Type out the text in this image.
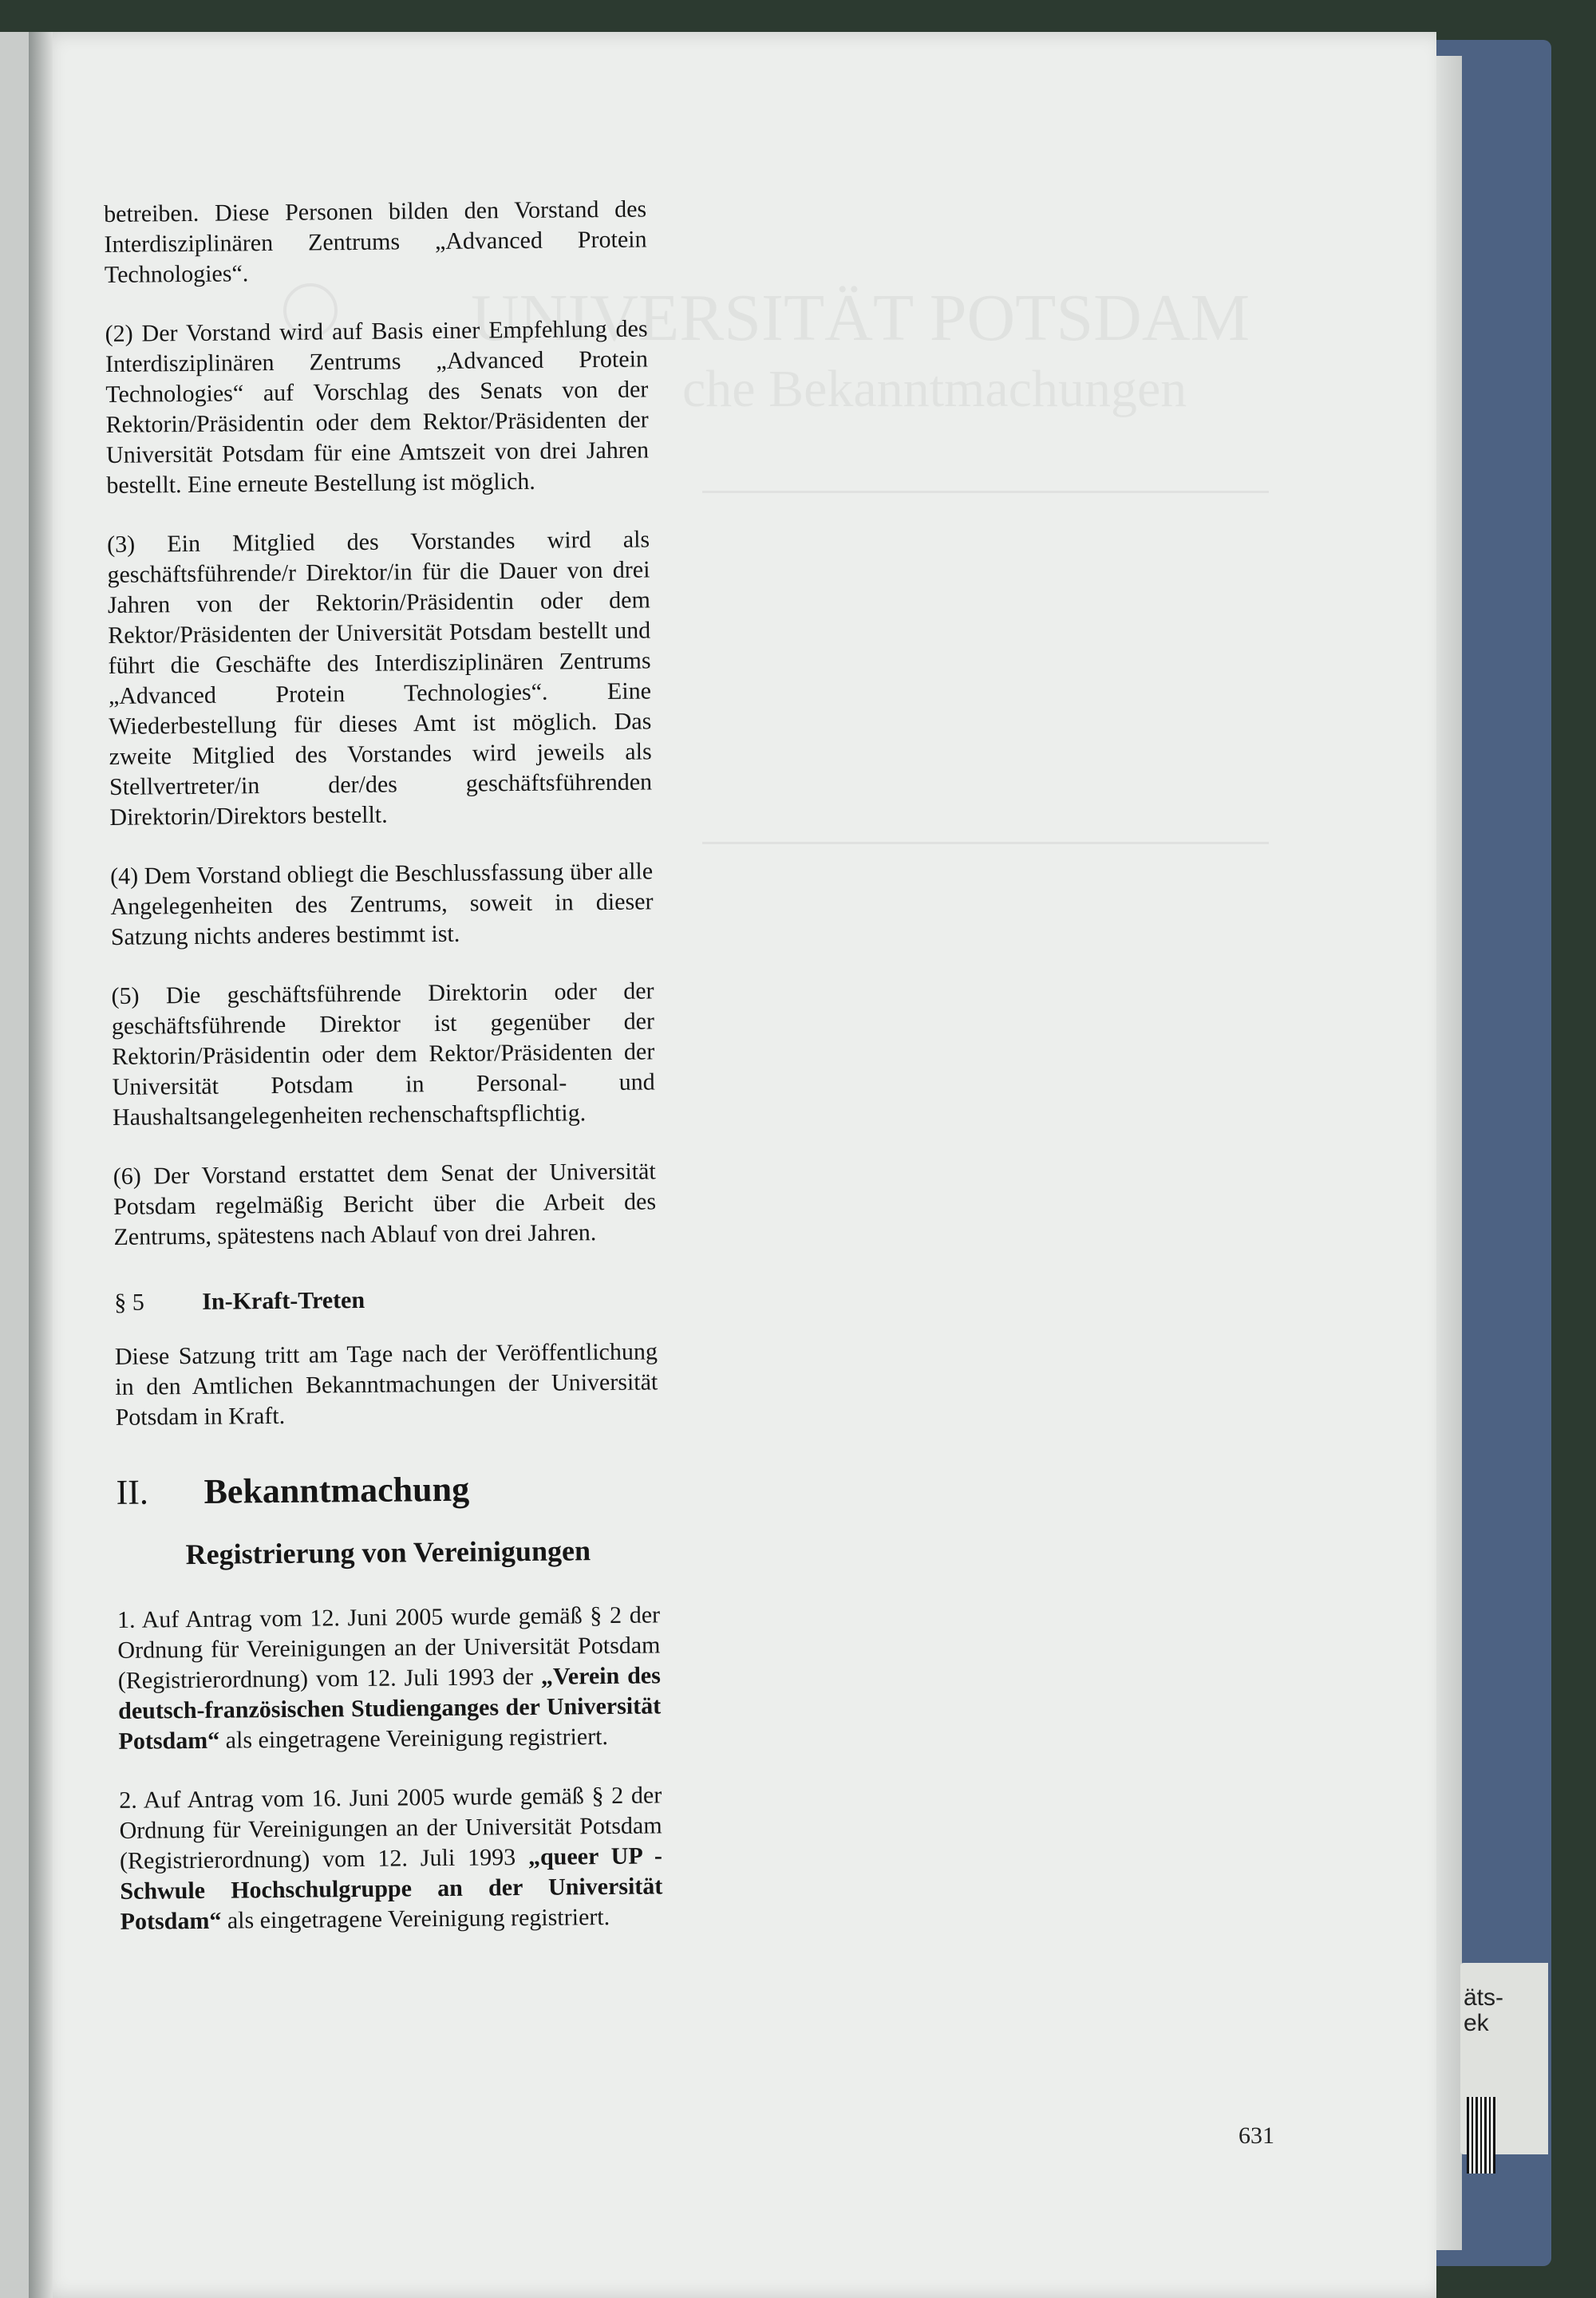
äts-
ek

betreiben. Diese Personen bilden den Vorstand des Interdisziplinären Zentrums „Advanced Protein Technologies“.

(2) Der Vorstand wird auf Basis einer Empfehlung des Interdisziplinären Zentrums „Advanced Protein Technologies“ auf Vorschlag des Senats von der Rektorin/Präsidentin oder dem Rektor/Präsidenten der Universität Potsdam für eine Amtszeit von drei Jahren bestellt. Eine erneute Bestellung ist möglich.

(3) Ein Mitglied des Vorstandes wird als geschäftsführende/r Direktor/in für die Dauer von drei Jahren von der Rektorin/Präsidentin oder dem Rektor/Präsidenten der Universität Potsdam bestellt und führt die Geschäfte des Interdisziplinären Zentrums „Advanced Protein Technologies“. Eine Wiederbestellung für dieses Amt ist möglich. Das zweite Mitglied des Vorstandes wird jeweils als Stellvertreter/in der/des geschäftsführenden Direktorin/Direktors bestellt.

(4) Dem Vorstand obliegt die Beschlussfassung über alle Angelegenheiten des Zentrums, soweit in dieser Satzung nichts anderes bestimmt ist.

(5) Die geschäftsführende Direktorin oder der geschäftsführende Direktor ist gegenüber der Rektorin/Präsidentin oder dem Rektor/Präsidenten der Universität Potsdam in Personal- und Haushaltsangelegenheiten rechenschaftspflichtig.

(6) Der Vorstand erstattet dem Senat der Universität Potsdam regelmäßig Bericht über die Arbeit des Zentrums, spätestens nach Ablauf von drei Jahren.

§ 5	In-Kraft-Treten

Diese Satzung tritt am Tage nach der Veröffentlichung in den Amtlichen Bekanntmachungen der Universität Potsdam in Kraft.

II.	Bekanntmachung
Registrierung von Vereinigungen

1. Auf Antrag vom 12. Juni 2005 wurde gemäß § 2 der Ordnung für Vereinigungen an der Universität Potsdam (Registrierordnung) vom 12. Juli 1993 der „Verein des deutsch-französischen Studienganges der Universität Potsdam“ als eingetragene Vereinigung registriert.

2. Auf Antrag vom 16. Juni 2005 wurde gemäß § 2 der Ordnung für Vereinigungen an der Universität Potsdam (Registrierordnung) vom 12. Juli 1993 „queer UP - Schwule Hochschulgruppe an der Universität Potsdam“ als eingetragene Vereinigung registriert.

631
